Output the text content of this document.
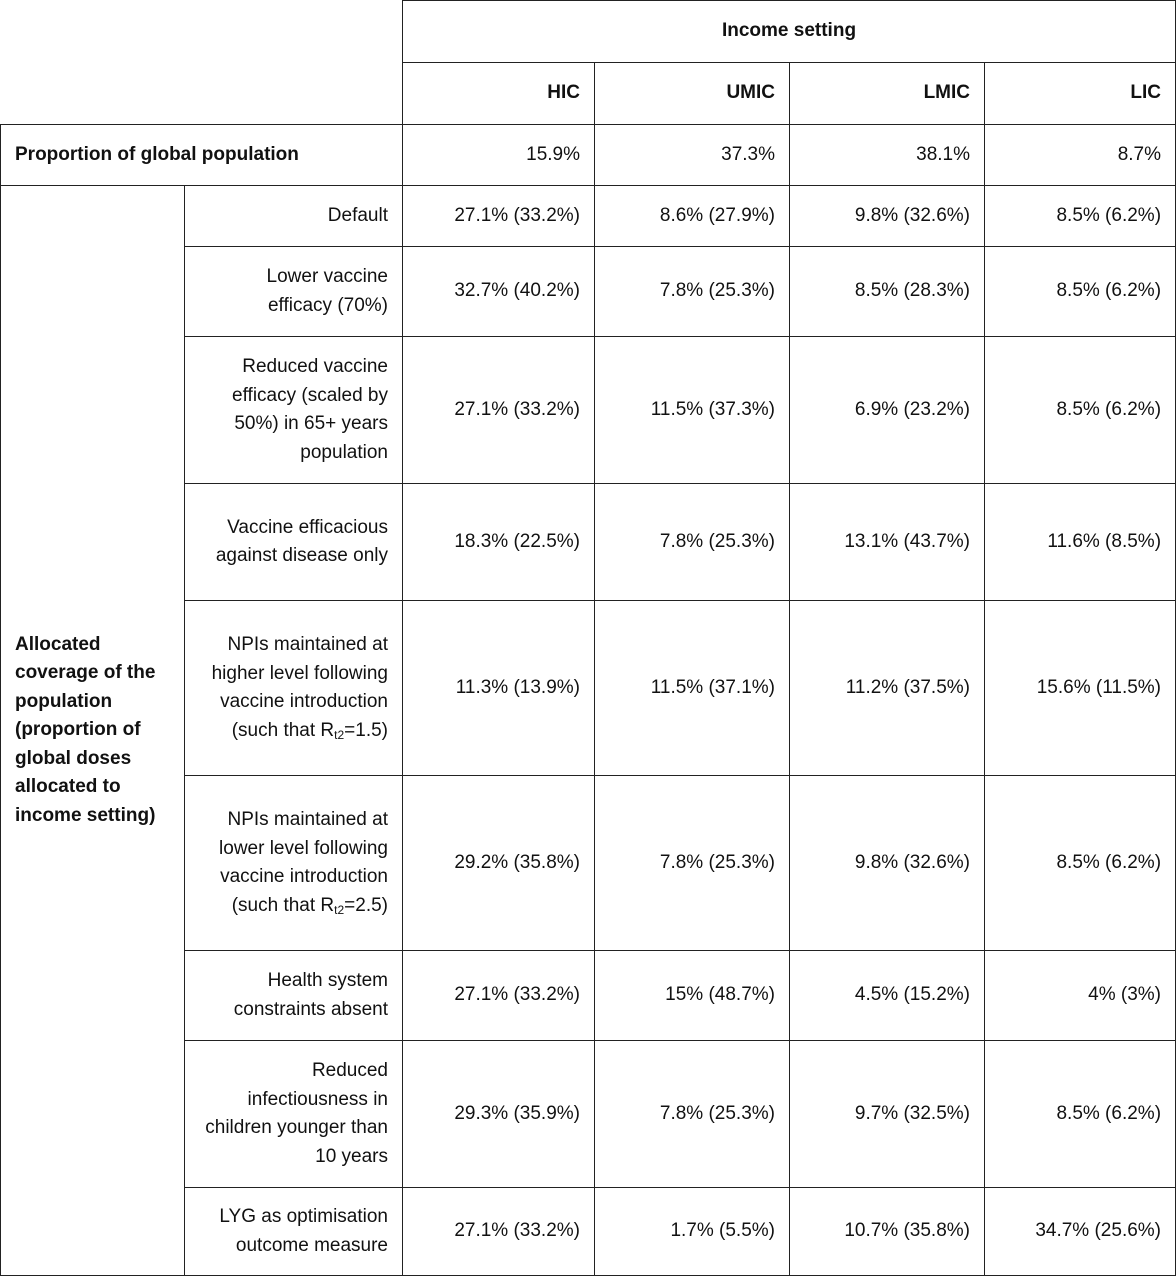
		Income setting			
		HIC	UMIC	LMIC	LIC
Proportion of global population		15.9%	37.3%	38.1%	8.7%
Allocated coverage of the population (proportion of global doses allocated to income setting)	Default	27.1% (33.2%)	8.6% (27.9%)	9.8% (32.6%)	8.5% (6.2%)
	Lower vaccine efficacy (70%)	32.7% (40.2%)	7.8% (25.3%)	8.5% (28.3%)	8.5% (6.2%)
	Reduced vaccine efficacy (scaled by 50%) in 65+ years population	27.1% (33.2%)	11.5% (37.3%)	6.9% (23.2%)	8.5% (6.2%)
	Vaccine efficacious against disease only	18.3% (22.5%)	7.8% (25.3%)	13.1% (43.7%)	11.6% (8.5%)
	NPIs maintained at higher level following vaccine introduction (such that $R_{t2}=1.5$)	11.3% (13.9%)	11.5% (37.1%)	11.2% (37.5%)	15.6% (11.5%)
	NPIs maintained at lower level following vaccine introduction (such that $R_{t2}=2.5$)	29.2% (35.8%)	7.8% (25.3%)	9.8% (32.6%)	8.5% (6.2%)
	Health system constraints absent	27.1% (33.2%)	15% (48.7%)	4.5% (15.2%)	4% (3%)
	Reduced infectiousness in children younger than 10 years	29.3% (35.9%)	7.8% (25.3%)	9.7% (32.5%)	8.5% (6.2%)
	LYG as optimisation outcome measure	27.1% (33.2%)	1.7% (5.5%)	10.7% (35.8%)	34.7% (25.6%)
